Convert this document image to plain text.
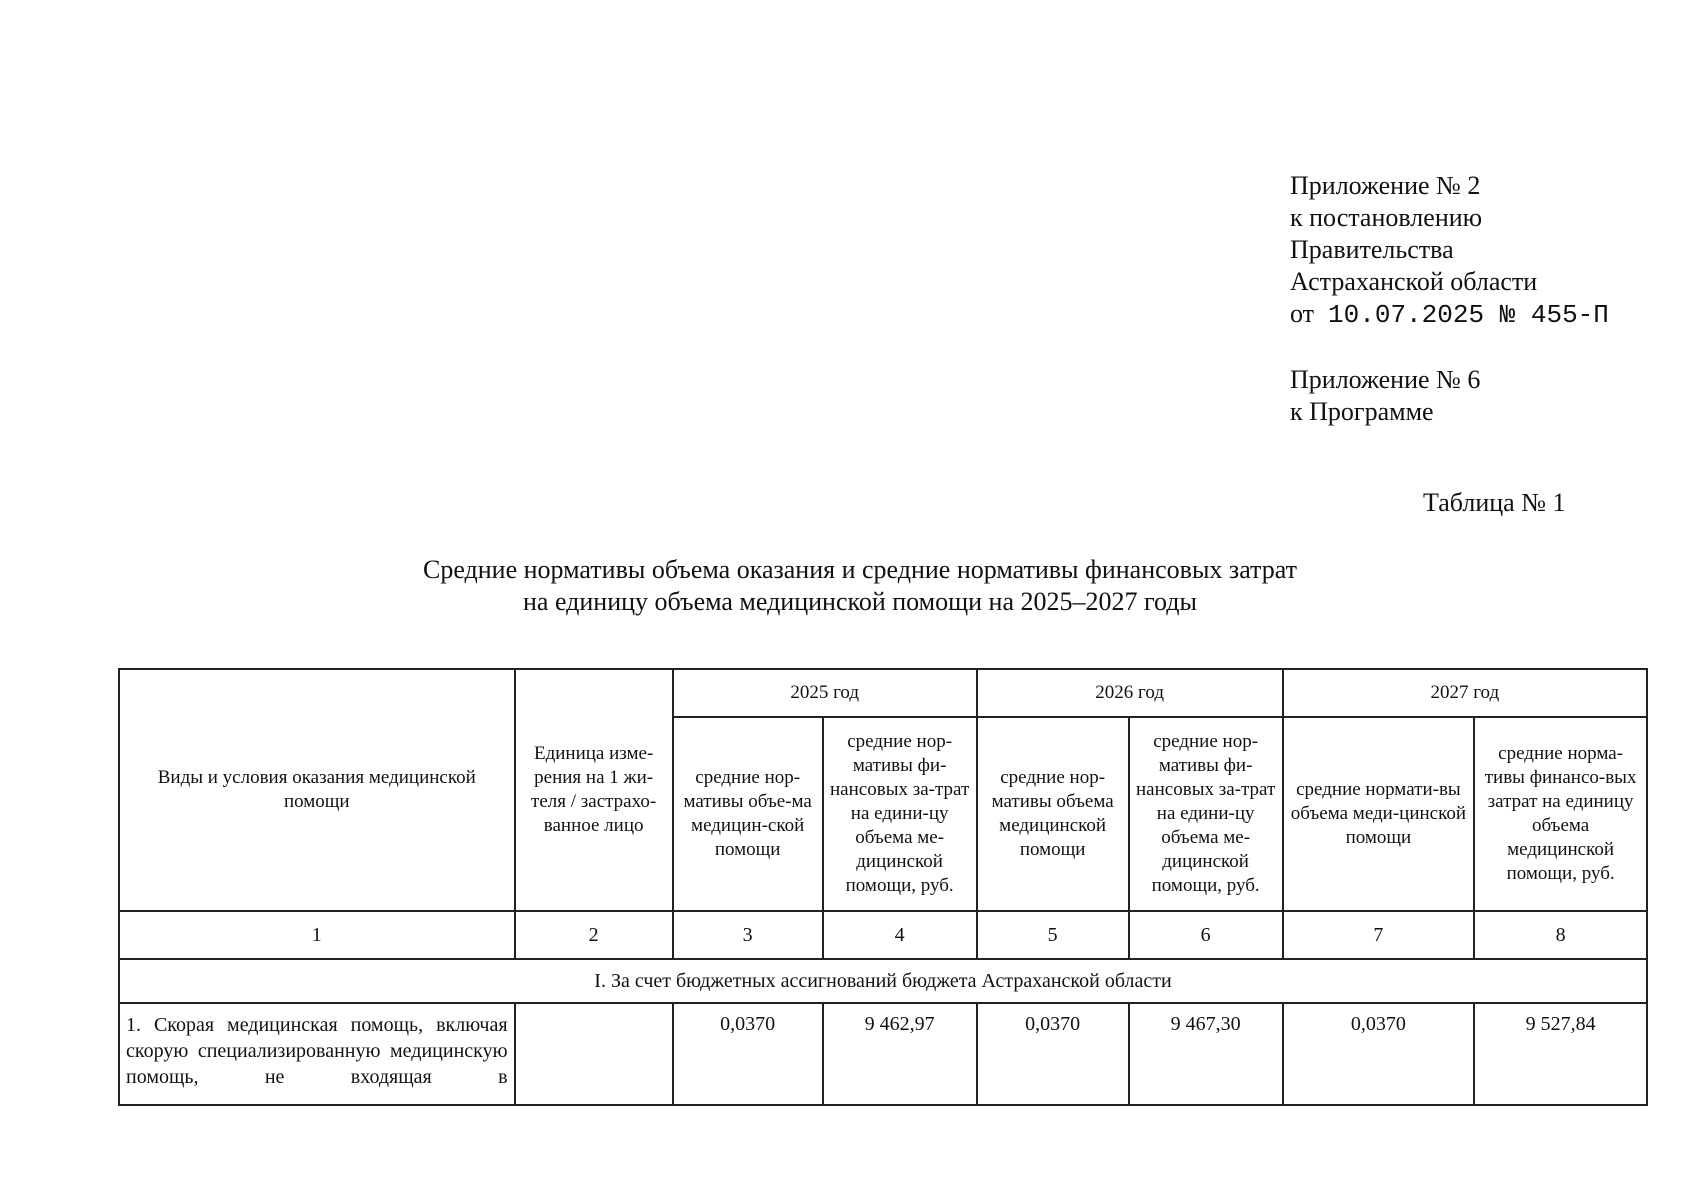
Приложение № 2
к постановлению
Правительства
Астраханской области
от 10.07.2025 № 455-П
Приложение № 6
к Программе
Таблица № 1
Средние нормативы объема оказания и средние нормативы финансовых затрат
на единицу объема медицинской помощи на 2025–2027 годы
Виды и условия оказания медицинской помощи	Единица изме-рения на 1 жи-теля / застрахо-ванное лицо	2025 год		2026 год		2027 год	
		средние нор-мативы объе-ма медицин-ской помощи	средние нор-мативы фи-нансовых за-трат на едини-цу объема ме-дицинской помощи, руб.	средние нор-мативы объема медицинской помощи	средние нор-мативы фи-нансовых за-трат на едини-цу объема ме-дицинской помощи, руб.	средние нормати-вы объема меди-цинской помощи	средние норма-тивы финансо-вых затрат на единицу объема медицинской помощи, руб.
1	2	3	4	5	6	7	8
I. За счет бюджетных ассигнований бюджета Астраханской области							
1. Скорая медицинская помощь, включая скорую специализированную медицинскую помощь, не входящая в		0,0370	9 462,97	0,0370	9 467,30	0,0370	9 527,84
